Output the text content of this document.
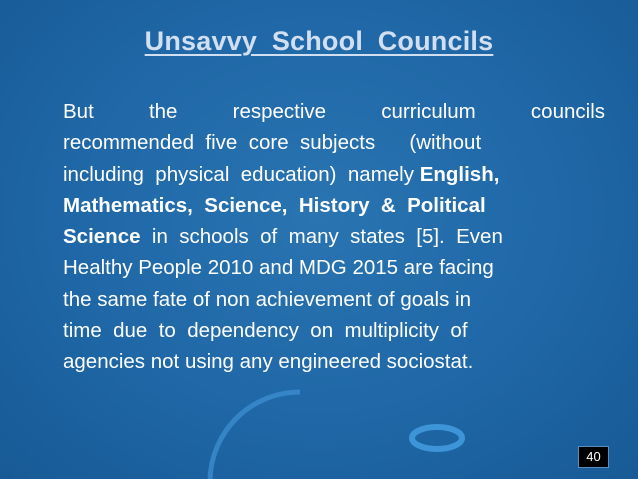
Unsavvy School Councils
But the respective curriculum councils
recommended  five  core  subjects      (without
including  physical  education)  namely English,
Mathematics,  Science,  History  &  Political
Science in  schools  of  many  states  [5].  Even
Healthy People 2010 and MDG 2015 are facing
the same fate of non achievement of goals in
time  due  to  dependency  on  multiplicity  of
agencies not using any engineered sociostat.
40
